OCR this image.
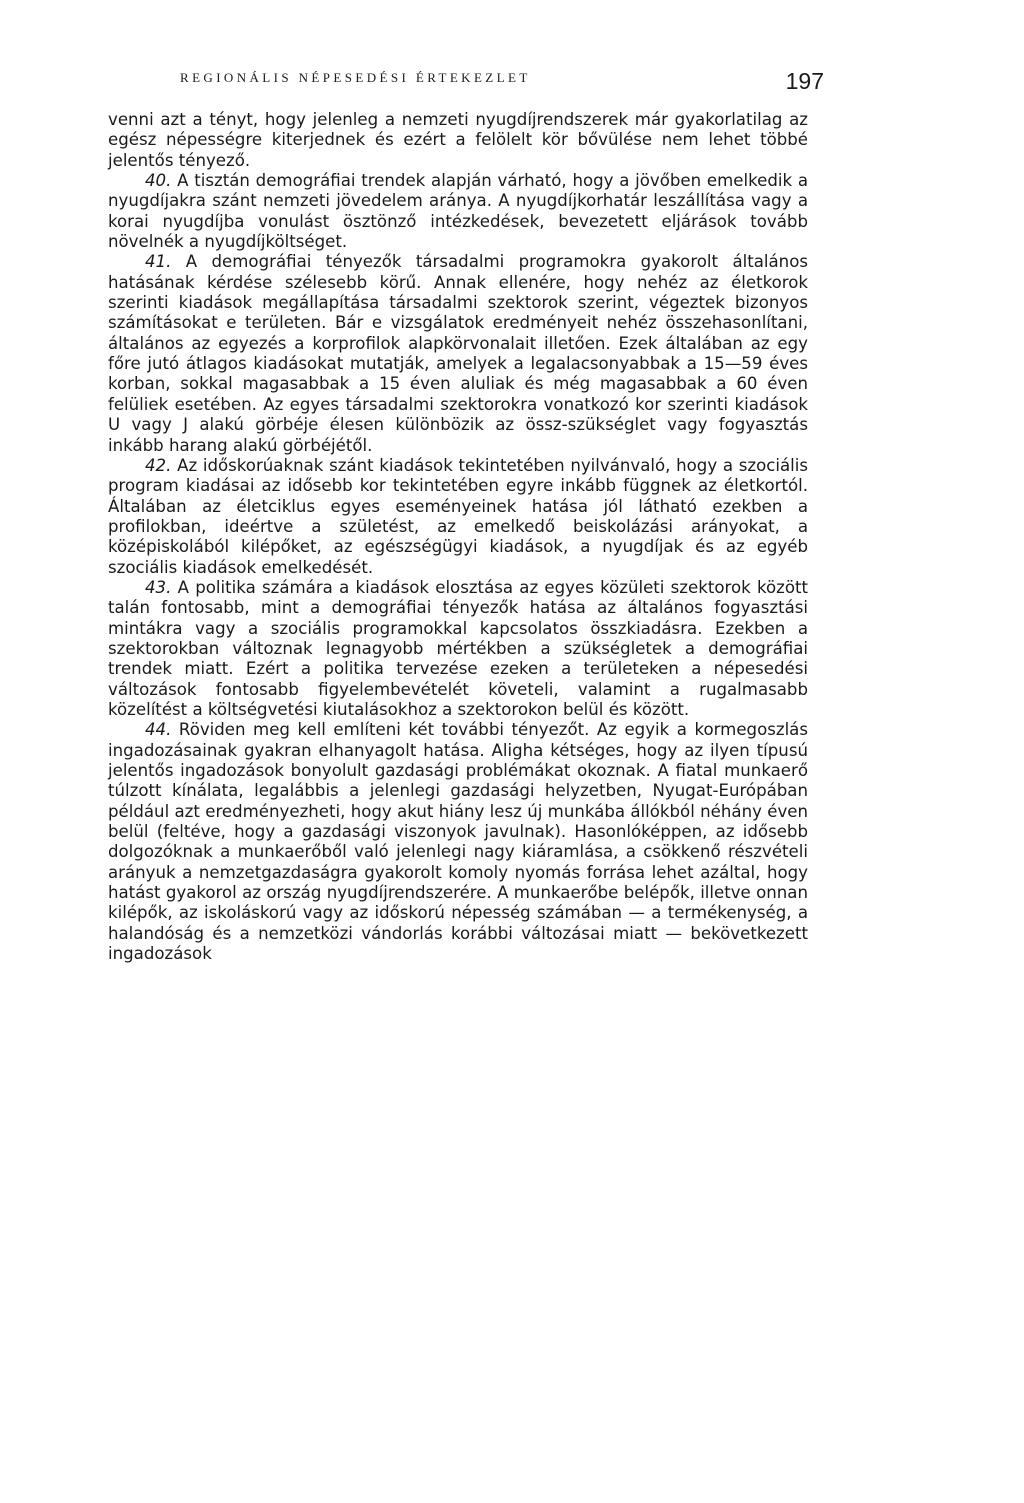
REGIONÁLIS NÉPESEDÉSI ÉRTEKEZLET	197

venni azt a tényt, hogy jelenleg a nemzeti nyugdíjrendszerek már gyakorlatilag az egész népességre kiterjednek és ezért a felölelt kör bővülése nem lehet többé jelentős tényező.

40. A tisztán demográfiai trendek alapján várható, hogy a jövőben emelkedik a nyugdíjakra szánt nemzeti jövedelem aránya. A nyugdíjkorhatár leszállítása vagy a korai nyugdíjba vonulást ösztönző intézkedések, bevezetett eljárások tovább növelnék a nyugdíjköltséget.

41. A demográfiai tényezők társadalmi programokra gyakorolt általános hatásának kérdése szélesebb körű. Annak ellenére, hogy nehéz az életkorok szerinti kiadások megállapítása társadalmi szektorok szerint, végeztek bizonyos számításokat e területen. Bár e vizsgálatok eredményeit nehéz összehasonlítani, általános az egyezés a korprofilok alapkörvonalait illetően. Ezek általában az egy főre jutó átlagos kiadásokat mutatják, amelyek a legalacsonyabbak a 15—59 éves korban, sokkal magasabbak a 15 éven aluliak és még magasabbak a 60 éven felüliek esetében. Az egyes társadalmi szektorokra vonatkozó kor szerinti kiadások U vagy J alakú görbéje élesen különbözik az össz-szükséglet vagy fogyasztás inkább harang alakú görbéjétől.

42. Az időskorúaknak szánt kiadások tekintetében nyilvánvaló, hogy a szociális program kiadásai az idősebb kor tekintetében egyre inkább függnek az életkortól. Általában az életciklus egyes eseményeinek hatása jól látható ezekben a profilokban, ideértve a születést, az emelkedő beiskolázási arányokat, a középiskolából kilépőket, az egészségügyi kiadások, a nyugdíjak és az egyéb szociális kiadások emelkedését.

43. A politika számára a kiadások elosztása az egyes közületi szektorok között talán fontosabb, mint a demográfiai tényezők hatása az általános fogyasztási mintákra vagy a szociális programokkal kapcsolatos összkiadásra. Ezekben a szektorokban változnak legnagyobb mértékben a szükségletek a demográfiai trendek miatt. Ezért a politika tervezése ezeken a területeken a népesedési változások fontosabb figyelembevételét követeli, valamint a rugalmasabb közelítést a költségvetési kiutalásokhoz a szektorokon belül és között.

44. Röviden meg kell említeni két további tényezőt. Az egyik a kormegoszlás ingadozásainak gyakran elhanyagolt hatása. Aligha kétséges, hogy az ilyen típusú jelentős ingadozások bonyolult gazdasági problémákat okoznak. A fiatal munkaerő túlzott kínálata, legalábbis a jelenlegi gazdasági helyzetben, Nyugat-Európában például azt eredményezheti, hogy akut hiány lesz új munkába állókból néhány éven belül (feltéve, hogy a gazdasági viszonyok javulnak). Hasonlóképpen, az idősebb dolgozóknak a munkaerőből való jelenlegi nagy kiáramlása, a csökkenő részvételi arányuk a nemzetgazdaságra gyakorolt komoly nyomás forrása lehet azáltal, hogy hatást gyakorol az ország nyugdíjrendszerére. A munkaerőbe belépők, illetve onnan kilépők, az iskoláskorú vagy az időskorú népesség számában — a termékenység, a halandóság és a nemzetközi vándorlás korábbi változásai miatt — bekövetkezett ingadozások
